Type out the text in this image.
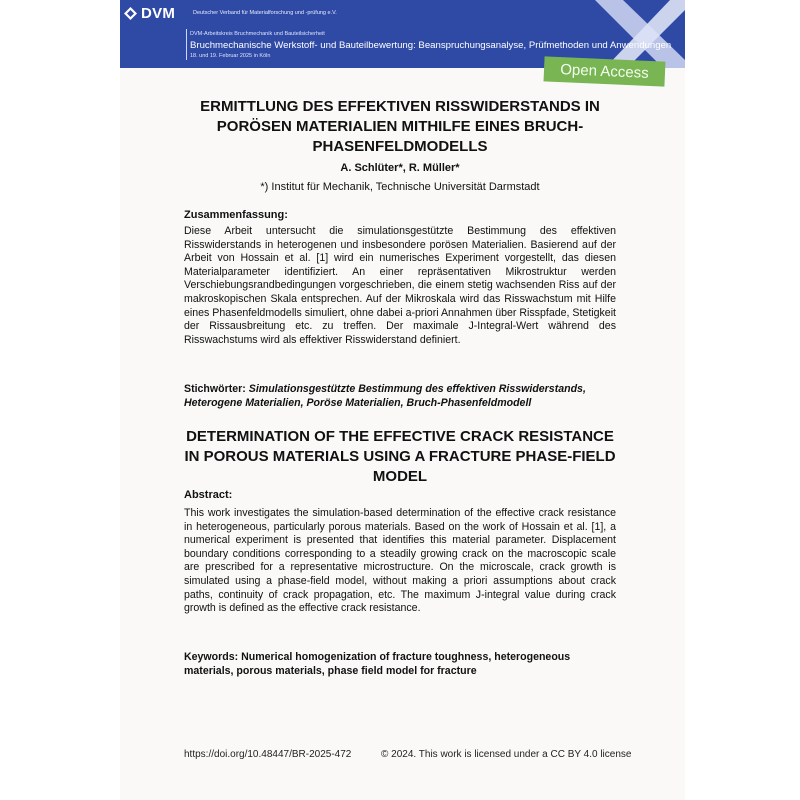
DVM	Deutscher Verband für Materialforschung und -prüfung e.V.
DVM-Arbeitskreis Bruchmechanik und Bauteilsicherheit
Bruchmechanische Werkstoff- und Bauteilbewertung: Beanspruchungsanalyse, Prüfmethoden und Anwendungen
18. und 19. Februar 2025 in Köln
Open Access
ERMITTLUNG DES EFFEKTIVEN RISSWIDERSTANDS IN PORÖSEN MATERIALIEN MITHILFE EINES BRUCH-PHASENFELDMODELLS
A. Schlüter*, R. Müller*
*) Institut für Mechanik, Technische Universität Darmstadt
Zusammenfassung:
Diese Arbeit untersucht die simulationsgestützte Bestimmung des effektiven Risswiderstands in heterogenen und insbesondere porösen Materialien. Basierend auf der Arbeit von Hossain et al. [1] wird ein numerisches Experiment vorgestellt, das diesen Materialparameter identifiziert. An einer repräsentativen Mikrostruktur werden Verschiebungsrandbedingungen vorgeschrieben, die einem stetig wachsenden Riss auf der makroskopischen Skala entsprechen. Auf der Mikroskala wird das Risswachstum mit Hilfe eines Phasenfeldmodells simuliert, ohne dabei a-priori Annahmen über Risspfade, Stetigkeit der Rissausbreitung etc. zu treffen. Der maximale J-Integral-Wert während des Risswachstums wird als effektiver Risswiderstand definiert.
Stichwörter: Simulationsgestützte Bestimmung des effektiven Risswiderstands, Heterogene Materialien, Poröse Materialien, Bruch-Phasenfeldmodell
DETERMINATION OF THE EFFECTIVE CRACK RESISTANCE IN POROUS MATERIALS USING A FRACTURE PHASE-FIELD MODEL
Abstract:
This work investigates the simulation-based determination of the effective crack resistance in heterogeneous, particularly porous materials. Based on the work of Hossain et al. [1], a numerical experiment is presented that identifies this material parameter. Displacement boundary conditions corresponding to a steadily growing crack on the macroscopic scale are prescribed for a representative microstructure. On the microscale, crack growth is simulated using a phase-field model, without making a priori assumptions about crack paths, continuity of crack propagation, etc. The maximum J-integral value during crack growth is defined as the effective crack resistance.
Keywords: Numerical homogenization of fracture toughness, heterogeneous materials, porous materials, phase field model for fracture
https://doi.org/10.48447/BR-2025-472	© 2024. This work is licensed under a CC BY 4.0 license
